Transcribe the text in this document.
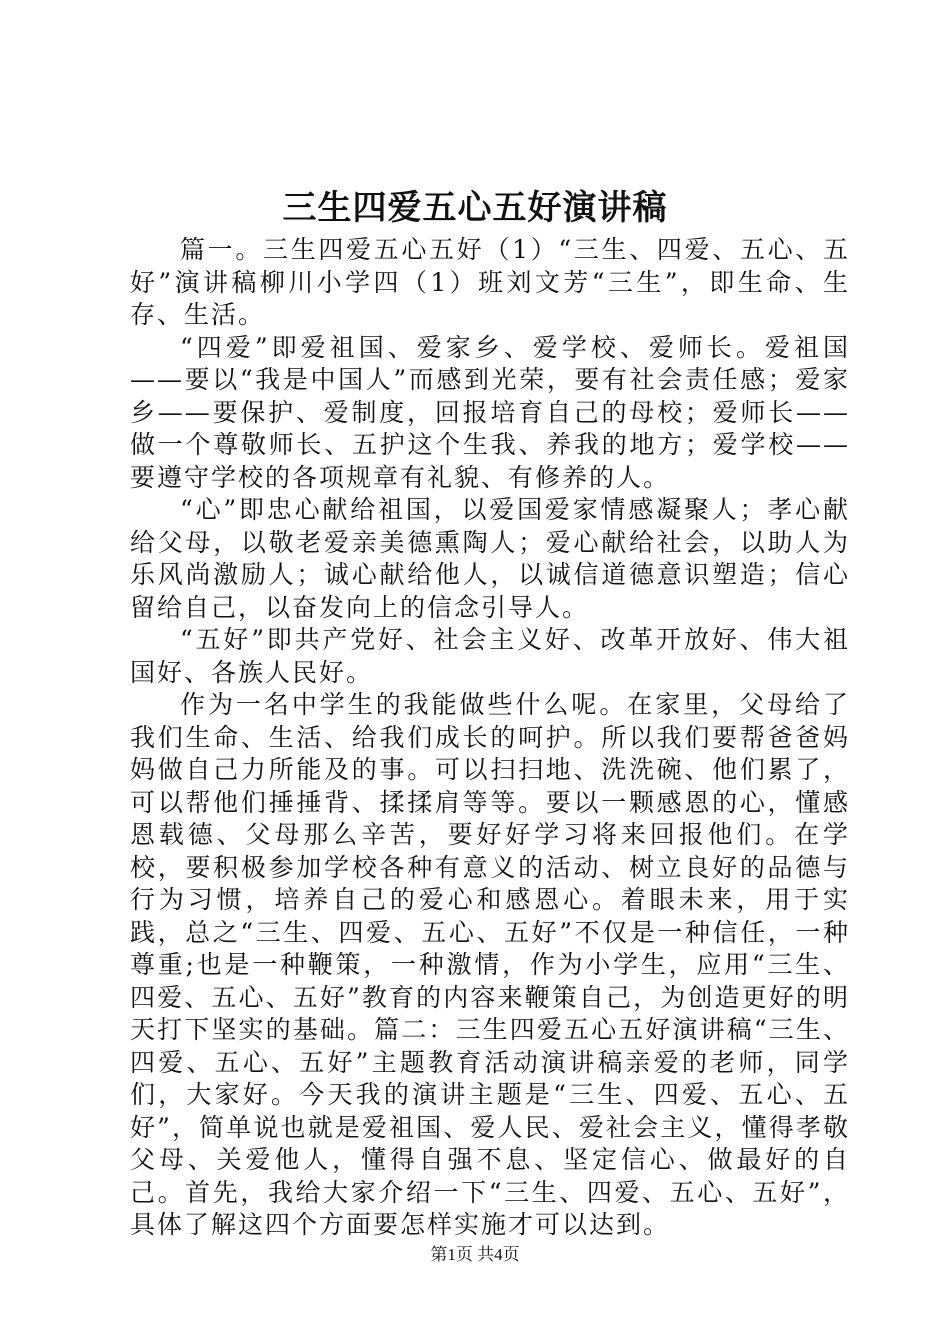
三生四爱五心五好演讲稿

篇一。三生四爱五心五好（1）“三生、四爱、五心、五好”演讲稿柳川小学四（1）班刘文芳“三生”，即生命、生存、生活。

“四爱”即爱祖国、爱家乡、爱学校、爱师长。爱祖国——要以“我是中国人”而感到光荣，要有社会责任感；爱家乡——要保护、爱制度，回报培育自己的母校；爱师长——做一个尊敬师长、五护这个生我、养我的地方；爱学校——要遵守学校的各项规章有礼貌、有修养的人。

“心”即忠心献给祖国，以爱国爱家情感凝聚人；孝心献给父母，以敬老爱亲美德熏陶人；爱心献给社会，以助人为乐风尚激励人；诚心献给他人，以诚信道德意识塑造；信心留给自己，以奋发向上的信念引导人。

“五好”即共产党好、社会主义好、改革开放好、伟大祖国好、各族人民好。

作为一名中学生的我能做些什么呢。在家里，父母给了我们生命、生活、给我们成长的呵护。所以我们要帮爸爸妈妈做自己力所能及的事。可以扫扫地、洗洗碗、他们累了，可以帮他们捶捶背、揉揉肩等等。要以一颗感恩的心，懂感恩载德、父母那么辛苦，要好好学习将来回报他们。在学校，要积极参加学校各种有意义的活动、树立良好的品德与行为习惯，培养自己的爱心和感恩心。着眼未来，用于实践，总之“三生、四爱、五心、五好”不仅是一种信任，一种尊重;也是一种鞭策，一种激情，作为小学生，应用“三生、四爱、五心、五好”教育的内容来鞭策自己，为创造更好的明天打下坚实的基础。篇二：三生四爱五心五好演讲稿“三生、四爱、五心、五好”主题教育活动演讲稿亲爱的老师，同学们，大家好。今天我的演讲主题是“三生、四爱、五心、五好”，简单说也就是爱祖国、爱人民、爱社会主义，懂得孝敬父母、关爱他人，懂得自强不息、坚定信心、做最好的自己。首先，我给大家介绍一下“三生、四爱、五心、五好”，具体了解这四个方面要怎样实施才可以达到。

第1页 共4页
